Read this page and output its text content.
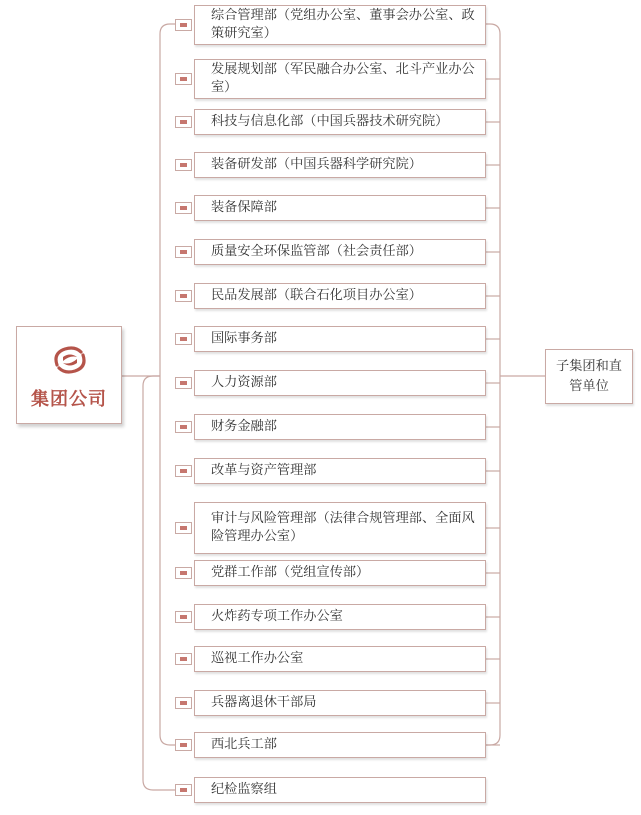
集团公司
综合管理部（党组办公室、董事会办公室、政策研究室）
发展规划部（军民融合办公室、北斗产业办公室）
科技与信息化部（中国兵器技术研究院）
装备研发部（中国兵器科学研究院）
装备保障部
质量安全环保监管部（社会责任部）
民品发展部（联合石化项目办公室）
国际事务部
人力资源部
财务金融部
改革与资产管理部
审计与风险管理部（法律合规管理部、全面风险管理办公室）
党群工作部（党组宣传部）
火炸药专项工作办公室
巡视工作办公室
兵器离退休干部局
西北兵工部
纪检监察组
子集团和直管单位
